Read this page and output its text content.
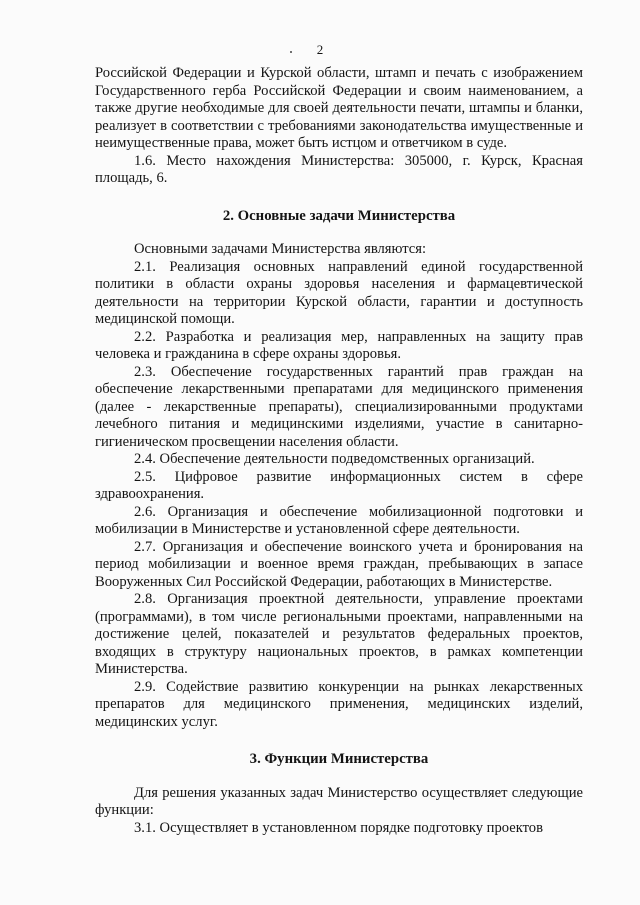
2

Российской Федерации и Курской области, штамп и печать с изображением Государственного герба Российской Федерации и своим наименованием, а также другие необходимые для своей деятельности печати, штампы и бланки, реализует в соответствии с требованиями законодательства имущественные и неимущественные права, может быть истцом и ответчиком в суде.

1.6. Место нахождения Министерства: 305000, г. Курск, Красная площадь, 6.

2. Основные задачи Министерства

Основными задачами Министерства являются:

2.1. Реализация основных направлений единой государственной политики в области охраны здоровья населения и фармацевтической деятельности на территории Курской области, гарантии и доступность медицинской помощи.

2.2. Разработка и реализация мер, направленных на защиту прав человека и гражданина в сфере охраны здоровья.

2.3. Обеспечение государственных гарантий прав граждан на обеспечение лекарственными препаратами для медицинского применения (далее - лекарственные препараты), специализированными продуктами лечебного питания и медицинскими изделиями, участие в санитарно-гигиеническом просвещении населения области.

2.4. Обеспечение деятельности подведомственных организаций.

2.5. Цифровое развитие информационных систем в сфере здравоохранения.

2.6. Организация и обеспечение мобилизационной подготовки и мобилизации в Министерстве и установленной сфере деятельности.

2.7. Организация и обеспечение воинского учета и бронирования на период мобилизации и военное время граждан, пребывающих в запасе Вооруженных Сил Российской Федерации, работающих в Министерстве.

2.8. Организация проектной деятельности, управление проектами (программами), в том числе региональными проектами, направленными на достижение целей, показателей и результатов федеральных проектов, входящих в структуру национальных проектов, в рамках компетенции Министерства.

2.9. Содействие развитию конкуренции на рынках лекарственных препаратов для медицинского применения, медицинских изделий, медицинских услуг.

3. Функции Министерства

Для решения указанных задач Министерство осуществляет следующие функции:

3.1. Осуществляет в установленном порядке подготовку проектов
